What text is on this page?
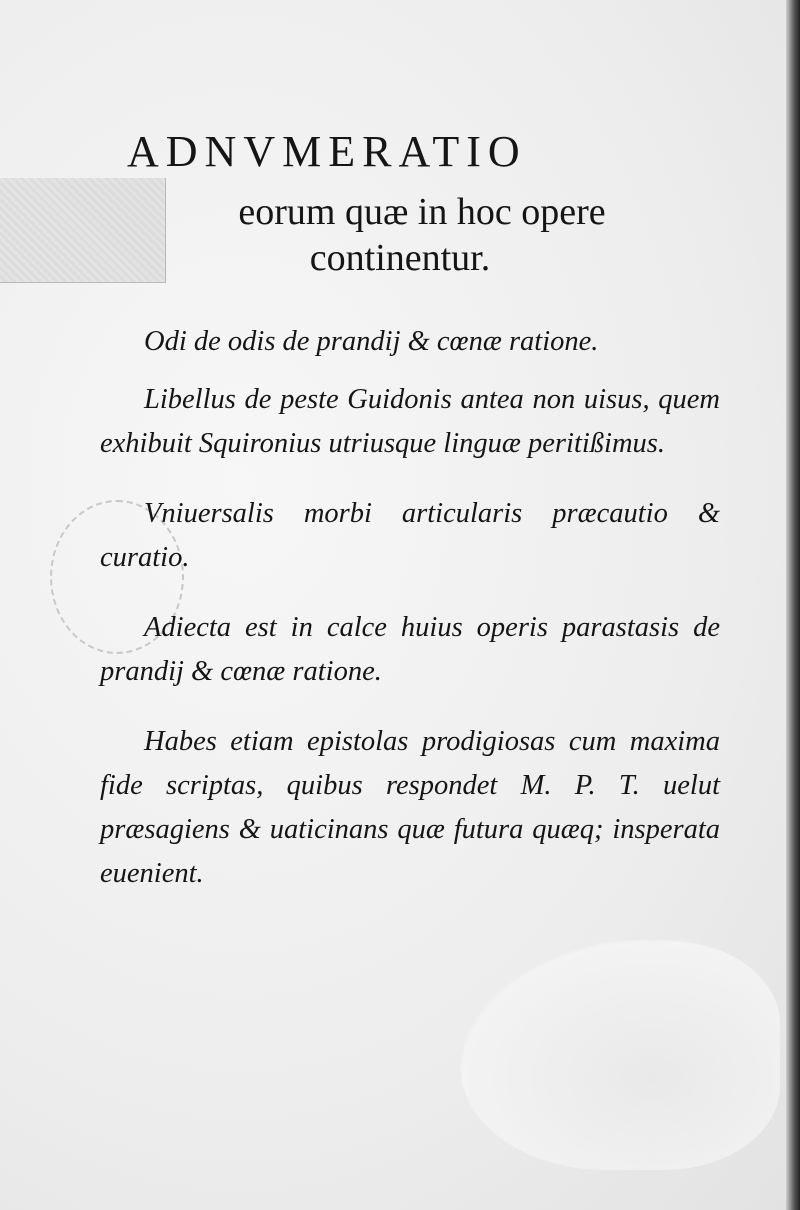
ADNVMERATIO
eorum quæ in hoc opere
continentur.

Odi de odis de prandij & cœnæ ratione.

Libellus de peste Guidonis antea non uisus, quem exhibuit Squironius utriusque linguæ peritißimus.

Vniuersalis morbi articularis præcautio & curatio.

Adiecta est in calce huius operis parastasis de prandij & cœnæ ratione.

Habes etiam epistolas prodigiosas cum maxima fide scriptas, quibus respondet M. P. T. uelut præsagiens & uaticinans quæ futura quæq; insperata euenient.
